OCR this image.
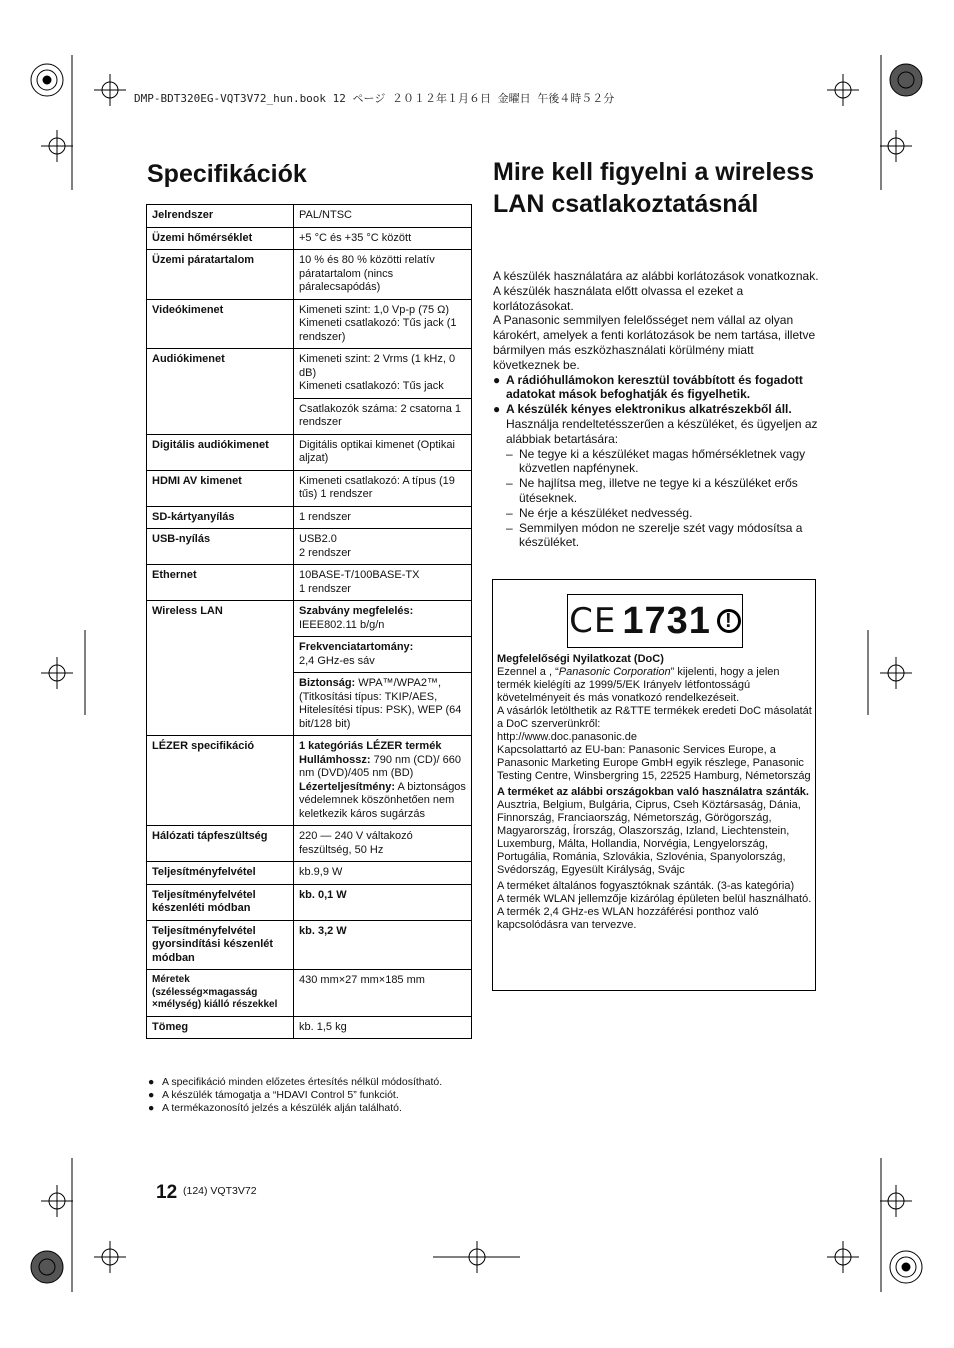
DMP-BDT320EG-VQT3V72_hun.book 12 ページ ２０１２年１月６日 金曜日 午後４時５２分
Specifikációk
Jelrendszer	PAL/NTSC
Üzemi hőmérséklet	+5 °C és +35 °C között
Üzemi páratartalom	10 % és 80 % közötti relatív páratartalom (nincs páralecsapódás)
Videókimenet	Kimeneti szint: 1,0 Vp-p (75 Ω)
Kimeneti csatlakozó: Tűs jack (1 rendszer)
Audiókimenet	Kimeneti szint: 2 Vrms (1 kHz, 0 dB)
Kimeneti csatlakozó: Tűs jack
	Csatlakozók száma: 2 csatorna 1 rendszer
Digitális audiókimenet	Digitális optikai kimenet (Optikai aljzat)
HDMI AV kimenet	Kimeneti csatlakozó: A típus (19 tűs) 1 rendszer
SD-kártyanyílás	1 rendszer
USB-nyílás	USB2.0
2 rendszer
Ethernet	10BASE-T/100BASE-TX
1 rendszer
Wireless LAN	Szabvány megfelelés:
IEEE802.11 b/g/n
	Frekvenciatartomány:
2,4 GHz-es sáv
	Biztonság: WPA™/WPA2™, (Titkosítási típus: TKIP/AES, Hitelesítési típus: PSK), WEP (64 bit/128 bit)
LÉZER specifikáció	1 kategóriás LÉZER termék
Hullámhossz: 790 nm (CD)/ 660 nm (DVD)/405 nm (BD)
Lézerteljesítmény: A biztonságos védelemnek köszönhetően nem keletkezik káros sugárzás
Hálózati tápfeszültség	220 — 240 V váltakozó feszültség, 50 Hz
Teljesítményfelvétel	kb.9,9 W
Teljesítményfelvétel készenléti módban	kb. 0,1 W
Teljesítményfelvétel gyorsindítási készenlét módban	kb. 3,2 W
Méretek (szélesség×magasság ×mélység) kiálló részekkel	430 mm×27 mm×185 mm
Tömeg	kb. 1,5 kg
● A specifikáció minden előzetes értesítés nélkül módosítható.
● A készülék támogatja a “HDAVI Control 5” funkciót.
● A termékazonosító jelzés a készülék alján található.
Mire kell figyelni a wireless LAN csatlakoztatásnál

A készülék használatára az alábbi korlátozások vonatkoznak. A készülék használata előtt olvassa el ezeket a korlátozásokat.

A Panasonic semmilyen felelősséget nem vállal az olyan károkért, amelyek a fenti korlátozások be nem tartása, illetve bármilyen más eszközhasználati körülmény miatt következnek be.

● A rádióhullámokon keresztül továbbított és fogadott adatokat mások befoghatják és figyelhetik.
● A készülék kényes elektronikus alkatrészekből áll.
Használja rendeltetésszerűen a készüléket, és ügyeljen az alábbiak betartására:
– Ne tegye ki a készüléket magas hőmérsékletnek vagy közvetlen napfénynek.
– Ne hajlítsa meg, illetve ne tegye ki a készüléket erős ütéseknek.
– Ne érje a készüléket nedvesség.
– Semmilyen módon ne szerelje szét vagy módosítsa a készüléket.
CE 1731 !

Megfelelőségi Nyilatkozat (DoC)

Ezennel a , “Panasonic Corporation” kijelenti, hogy a jelen termék kielégíti az 1999/5/EK Irányelv létfontosságú követelményeit és más vonatkozó rendelkezéseit.

A vásárlók letölthetik az R&TTE termékek eredeti DoC másolatát a DoC szerverünkről:

http://www.doc.panasonic.de

Kapcsolattartó az EU-ban: Panasonic Services Europe, a Panasonic Marketing Europe GmbH egyik részlege, Panasonic Testing Centre, Winsbergring 15, 22525 Hamburg, Németország

A terméket az alábbi országokban való használatra szánták.

Ausztria, Belgium, Bulgária, Ciprus, Cseh Köztársaság, Dánia, Finnország, Franciaország, Németország, Görögország, Magyarország, Írország, Olaszország, Izland, Liechtenstein, Luxemburg, Málta, Hollandia, Norvégia, Lengyelország, Portugália, Románia, Szlovákia, Szlovénia, Spanyolország, Svédország, Egyesült Királyság, Svájc

A terméket általános fogyasztóknak szánták. (3-as kategória)

A termék WLAN jellemzője kizárólag épületen belül használható.

A termék 2,4 GHz-es WLAN hozzáférési ponthoz való kapcsolódásra van tervezve.

12 (124) VQT3V72
